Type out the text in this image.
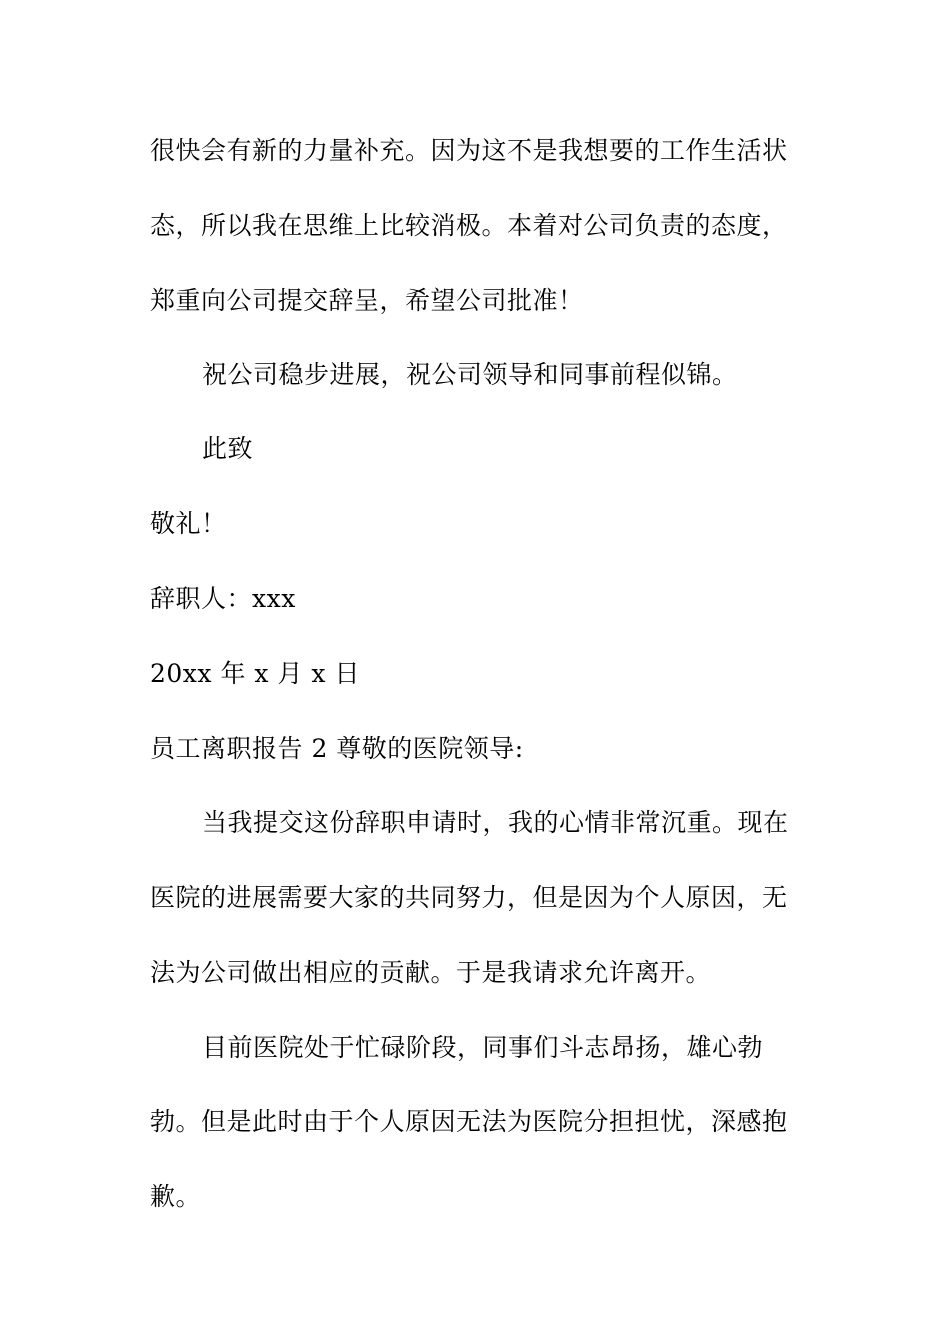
很快会有新的力量补充。因为这不是我想要的工作生活状
态，所以我在思维上比较消极。本着对公司负责的态度，
郑重向公司提交辞呈，希望公司批准！
祝公司稳步进展，祝公司领导和同事前程似锦。
此致
敬礼！
辞职人：xxx
20xx 年 x 月 x 日
员工离职报告 2 尊敬的医院领导:
当我提交这份辞职申请时，我的心情非常沉重。现在
医院的进展需要大家的共同努力，但是因为个人原因，无
法为公司做出相应的贡献。于是我请求允许离开。
目前医院处于忙碌阶段，同事们斗志昂扬，雄心勃
勃。但是此时由于个人原因无法为医院分担担忧，深感抱
歉。
